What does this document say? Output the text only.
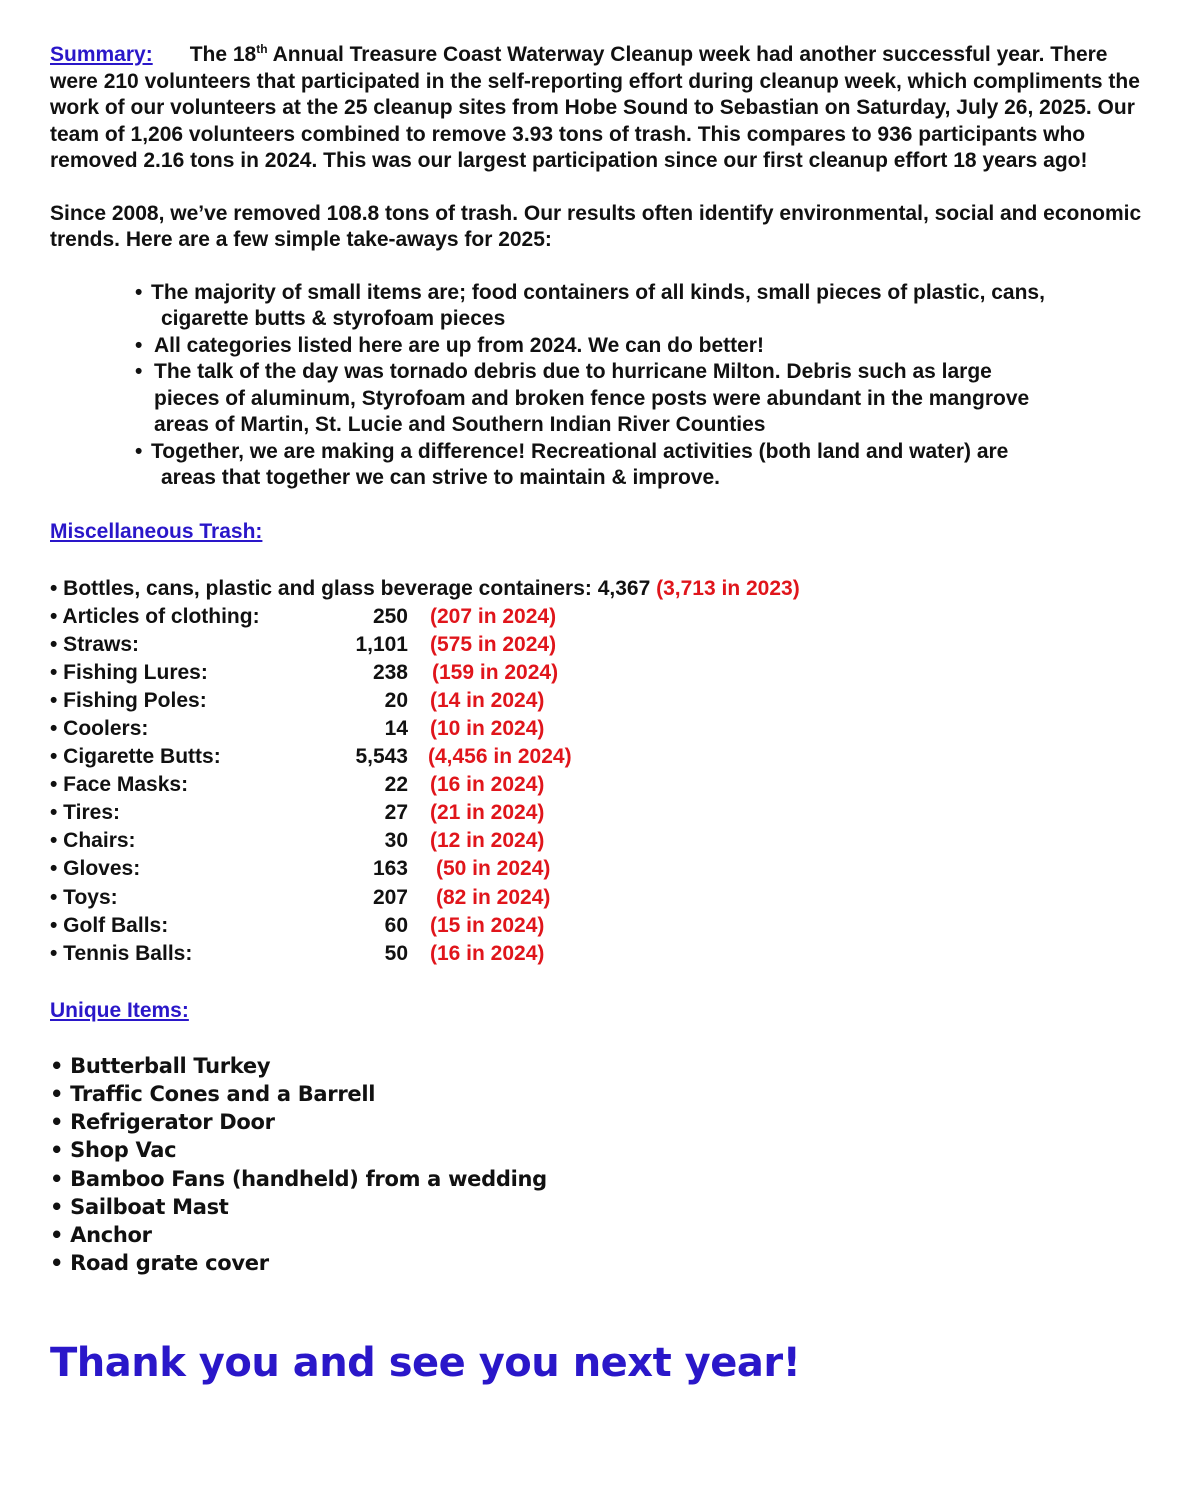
Summary: The 18th Annual Treasure Coast Waterway Cleanup week had another successful year. There were 210 volunteers that participated in the self-reporting effort during cleanup week, which compliments the work of our volunteers at the 25 cleanup sites from Hobe Sound to Sebastian on Saturday, July 26, 2025. Our team of 1,206 volunteers combined to remove 3.93 tons of trash. This compares to 936 participants who removed 2.16 tons in 2024. This was our largest participation since our first cleanup effort 18 years ago!

Since 2008, we’ve removed 108.8 tons of trash. Our results often identify environmental, social and economic trends. Here are a few simple take-aways for 2025:

• The majority of small items are; food containers of all kinds, small pieces of plastic, cans,
cigarette butts & styrofoam pieces
• All categories listed here are up from 2024. We can do better!
• The talk of the day was tornado debris due to hurricane Milton. Debris such as large
pieces of aluminum, Styrofoam and broken fence posts were abundant in the mangrove
areas of Martin, St. Lucie and Southern Indian River Counties
• Together, we are making a difference! Recreational activities (both land and water) are
areas that together we can strive to maintain & improve.
Miscellaneous Trash:
• Bottles, cans, plastic and glass beverage containers: 4,367 (3,713 in 2023)
• Articles of clothing:	250 (207 in 2024)
• Straws:	1,101 (575 in 2024)
• Fishing Lures:	238 (159 in 2024)
• Fishing Poles:	20 (14 in 2024)
• Coolers:	14 (10 in 2024)
• Cigarette Butts:	5,543 (4,456 in 2024)
• Face Masks:	22 (16 in 2024)
• Tires:	27 (21 in 2024)
• Chairs:	30 (12 in 2024)
• Gloves:	163 (50 in 2024)
• Toys:	207 (82 in 2024)
• Golf Balls:	60 (15 in 2024)
• Tennis Balls:	50 (16 in 2024)
Unique Items:
• Butterball Turkey
• Traffic Cones and a Barrell
• Refrigerator Door
• Shop Vac
• Bamboo Fans (handheld) from a wedding
• Sailboat Mast
• Anchor
• Road grate cover
Thank you and see you next year!
